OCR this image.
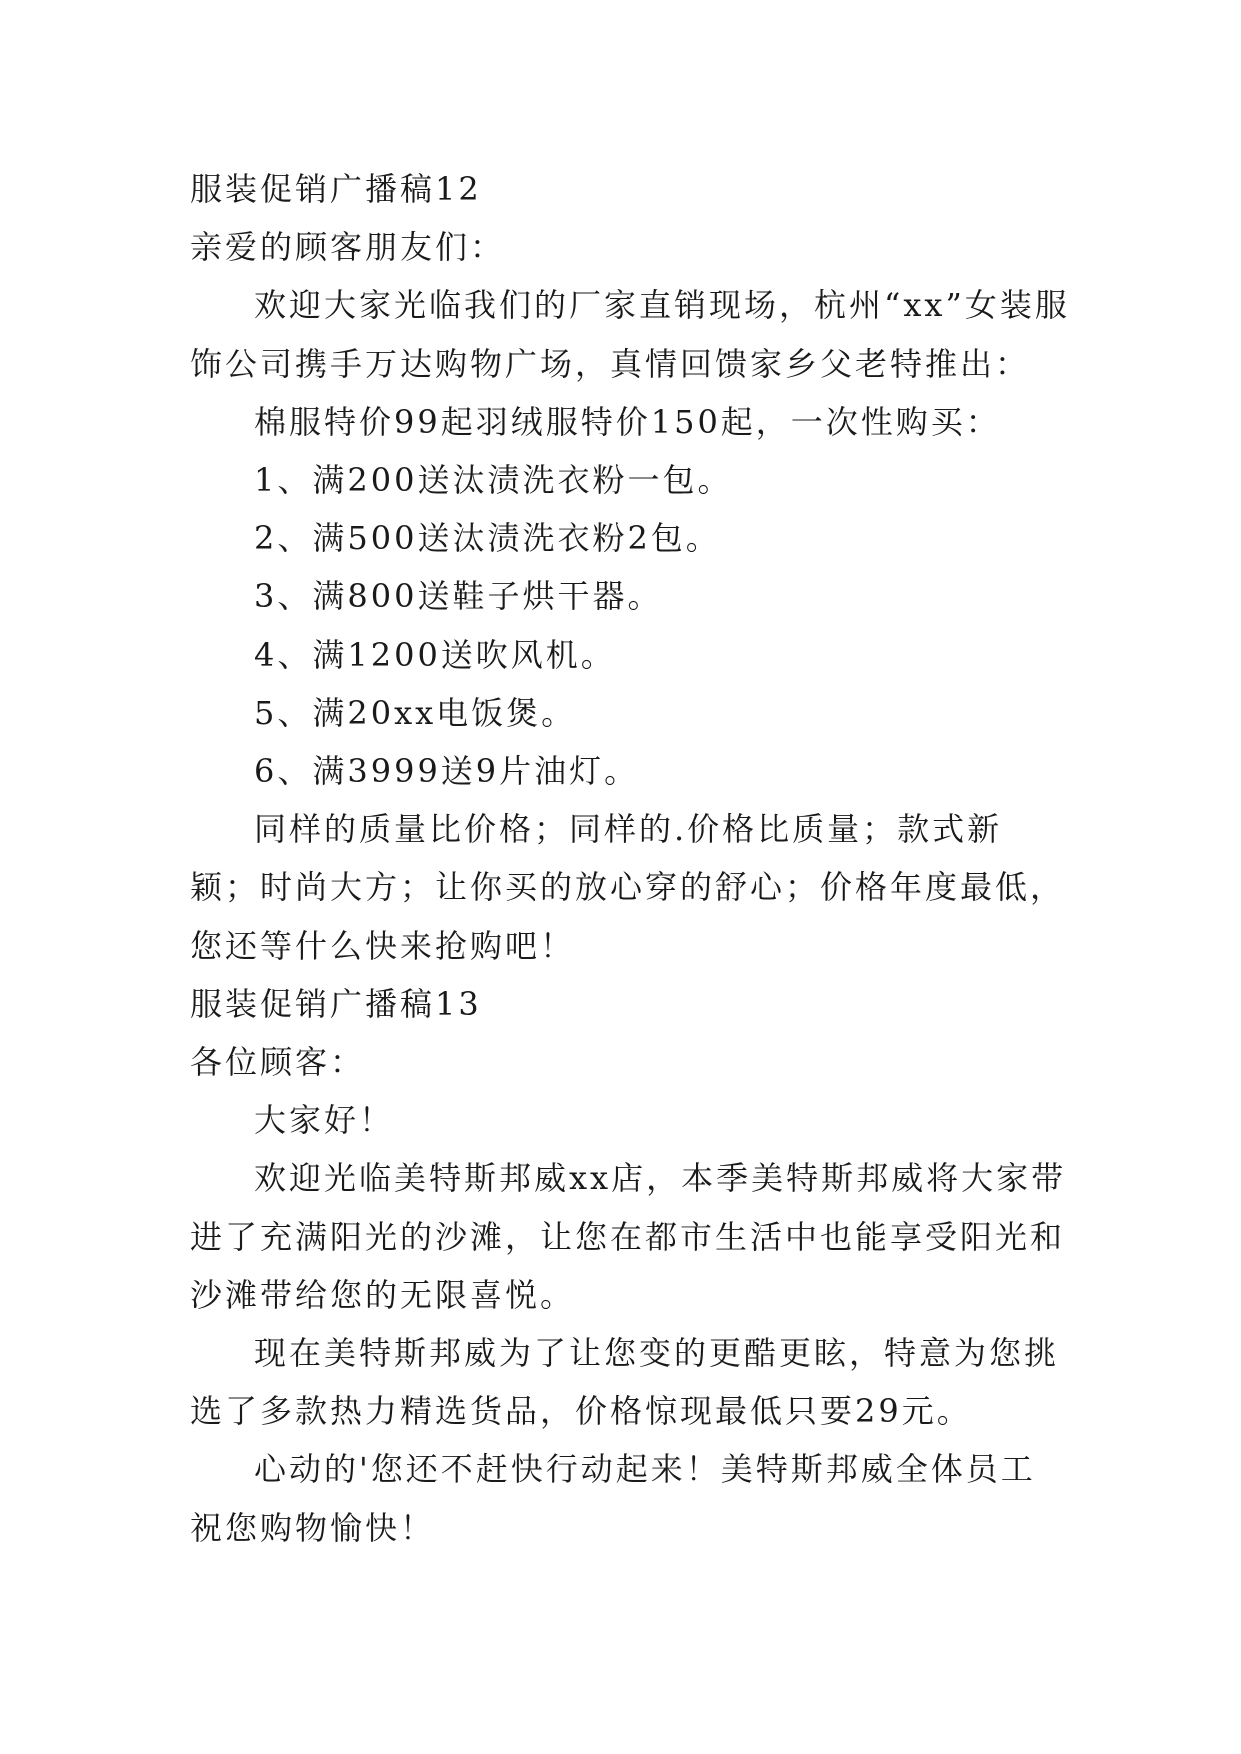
服装促销广播稿12

亲爱的顾客朋友们：

欢迎大家光临我们的厂家直销现场，杭州“xx”女装服饰公司携手万达购物广场，真情回馈家乡父老特推出：

棉服特价99起羽绒服特价150起，一次性购买：

1、满200送汰渍洗衣粉一包。

2、满500送汰渍洗衣粉2包。

3、满800送鞋子烘干器。

4、满1200送吹风机。

5、满20xx电饭煲。

6、满3999送9片油灯。

同样的质量比价格；同样的.价格比质量；款式新颖；时尚大方；让你买的放心穿的舒心；价格年度最低，您还等什么快来抢购吧！

服装促销广播稿13

各位顾客：

大家好！

欢迎光临美特斯邦威xx店，本季美特斯邦威将大家带进了充满阳光的沙滩，让您在都市生活中也能享受阳光和沙滩带给您的无限喜悦。

现在美特斯邦威为了让您变的更酷更眩，特意为您挑选了多款热力精选货品，价格惊现最低只要29元。

心动的'您还不赶快行动起来！美特斯邦威全体员工祝您购物愉快！
